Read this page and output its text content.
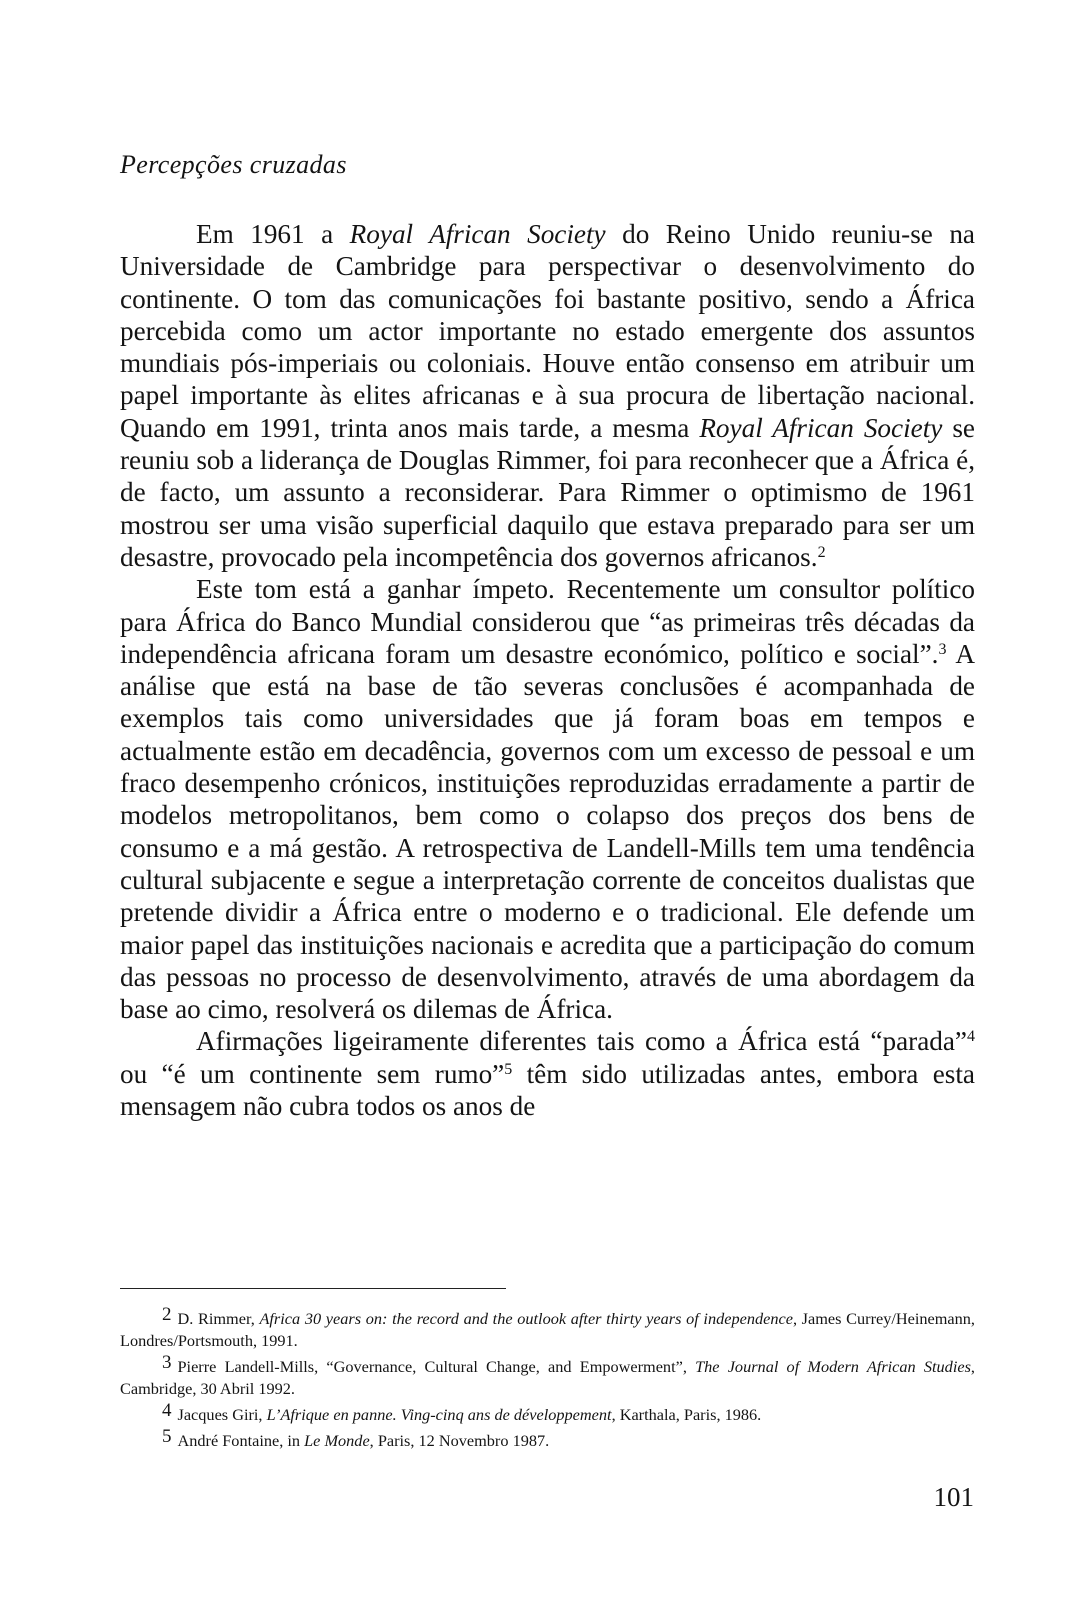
Percepções cruzadas

Em 1961 a Royal African Society do Reino Unido reuniu-se na Universidade de Cambridge para perspectivar o desenvolvimento do continente. O tom das comunicações foi bastante positivo, sendo a África percebida como um actor importante no estado emergente dos assuntos mundiais pós-imperiais ou coloniais. Houve então consenso em atribuir um papel importante às elites africanas e à sua procura de libertação nacional. Quando em 1991, trinta anos mais tarde, a mesma Royal African Society se reuniu sob a liderança de Douglas Rimmer, foi para reconhecer que a África é, de facto, um assunto a reconsiderar. Para Rimmer o optimismo de 1961 mostrou ser uma visão superficial daquilo que estava preparado para ser um desastre, provocado pela incompetência dos governos africanos.$^2$

Este tom está a ganhar ímpeto. Recentemente um consultor político para África do Banco Mundial considerou que “as primeiras três décadas da independência africana foram um desastre económico, político e social”.$^3$ A análise que está na base de tão severas conclusões é acompanhada de exemplos tais como universidades que já foram boas em tempos e actualmente estão em decadência, governos com um excesso de pessoal e um fraco desempenho crónicos, instituições reproduzidas erradamente a partir de modelos metropolitanos, bem como o colapso dos preços dos bens de consumo e a má gestão. A retrospectiva de Landell-Mills tem uma tendência cultural subjacente e segue a interpretação corrente de conceitos dualistas que pretende dividir a África entre o moderno e o tradicional. Ele defende um maior papel das instituições nacionais e acredita que a participação do comum das pessoas no processo de desenvolvimento, através de uma abordagem da base ao cimo, resolverá os dilemas de África.

Afirmações ligeiramente diferentes tais como a África está “parada”$^4$ ou “é um continente sem rumo”$^5$ têm sido utilizadas antes, embora esta mensagem não cubra todos os anos de

2 D. Rimmer, Africa 30 years on: the record and the outlook after thirty years of independence, James Currey/Heinemann, Londres/Portsmouth, 1991.

3 Pierre Landell-Mills, “Governance, Cultural Change, and Empowerment”, The Journal of Modern African Studies, Cambridge, 30 Abril 1992.

4 Jacques Giri, L’Afrique en panne. Ving-cinq ans de développement, Karthala, Paris, 1986.

5 André Fontaine, in Le Monde, Paris, 12 Novembro 1987.

101
